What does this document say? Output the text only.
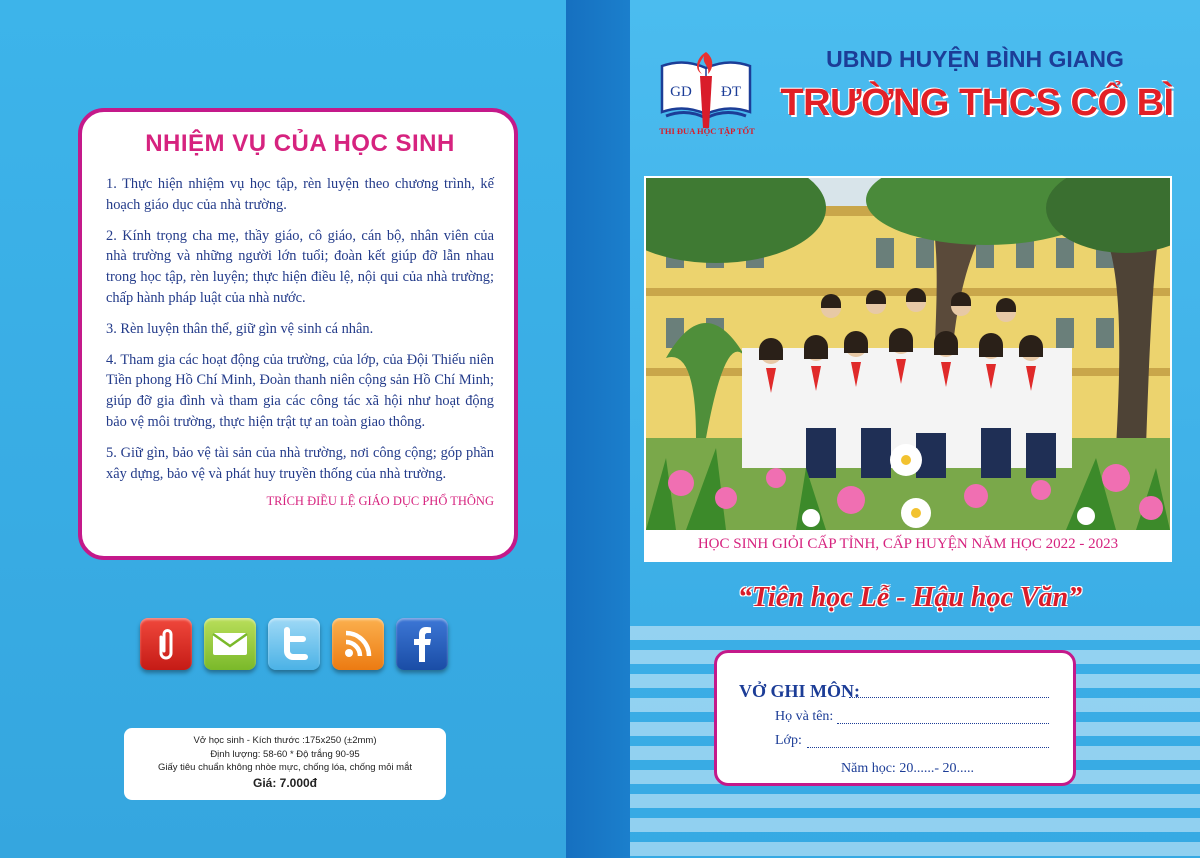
NHIỆM VỤ CỦA HỌC SINH

1. Thực hiện nhiệm vụ học tập, rèn luyện theo chương trình, kế hoạch giáo dục của nhà trường.

2. Kính trọng cha mẹ, thầy giáo, cô giáo, cán bộ, nhân viên của nhà trường và những người lớn tuổi; đoàn kết giúp đỡ lẫn nhau trong học tập, rèn luyện; thực hiện điều lệ, nội qui của nhà trường; chấp hành pháp luật của nhà nước.

3. Rèn luyện thân thể, giữ gìn vệ sinh cá nhân.

4. Tham gia các hoạt động của trường, của lớp, của Đội Thiếu niên Tiền phong Hồ Chí Minh, Đoàn thanh niên cộng sản Hồ Chí Minh; giúp đỡ gia đình và tham gia các công tác xã hội như hoạt động bảo vệ môi trường, thực hiện trật tự an toàn giao thông.

5. Giữ gìn, bảo vệ tài sản của nhà trường, nơi công cộng; góp phần xây dựng, bảo vệ và phát huy truyền thống của nhà trường.

TRÍCH ĐIỀU LỆ GIÁO DỤC PHỔ THÔNG
Vở học sinh - Kích thước :175x250 (±2mm)
Định lượng: 58-60 * Độ trắng 90-95
Giấy tiêu chuẩn không nhòe mực, chống lóa, chống mỏi mắt
Giá: 7.000đ
GD ĐT
THI ĐUA HỌC TẬP TỐT
UBND HUYỆN BÌNH GIANG
TRƯỜNG THCS CỔ BÌ
HỌC SINH GIỎI CẤP TỈNH, CẤP HUYỆN NĂM HỌC 2022 - 2023
“Tiên học Lễ - Hậu học Văn”
VỞ GHI MÔN:
Họ và tên:
Lớp:
Năm học: 20......- 20.....
